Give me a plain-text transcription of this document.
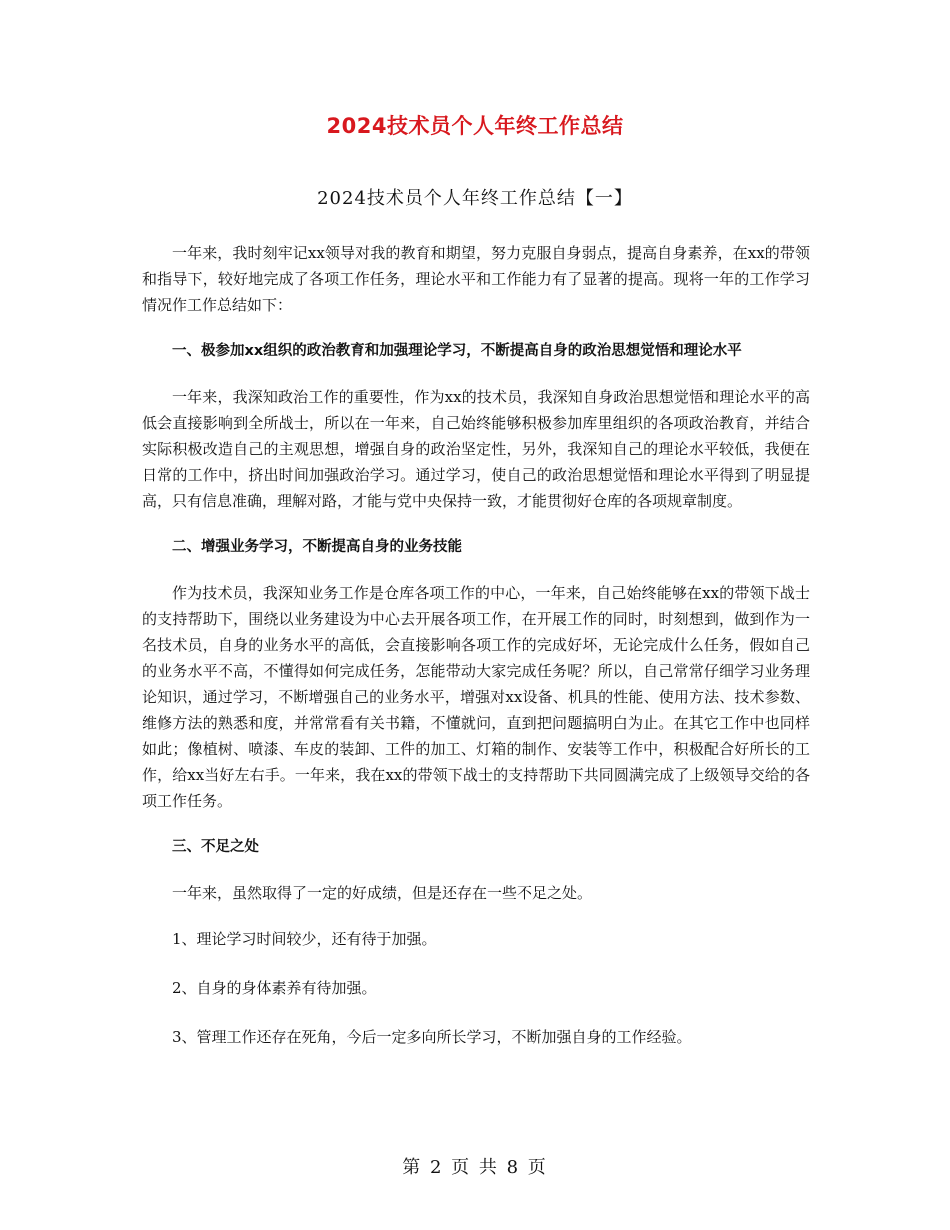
2024技术员个人年终工作总结
2024技术员个人年终工作总结【一】

一年来，我时刻牢记xx领导对我的教育和期望，努力克服自身弱点，提高自身素养，在xx的带领和指导下，较好地完成了各项工作任务，理论水平和工作能力有了显著的提高。现将一年的工作学习情况作工作总结如下：

一、极参加xx组织的政治教育和加强理论学习，不断提高自身的政治思想觉悟和理论水平

一年来，我深知政治工作的重要性，作为xx的技术员，我深知自身政治思想觉悟和理论水平的高低会直接影响到全所战士，所以在一年来，自己始终能够积极参加库里组织的各项政治教育，并结合实际积极改造自己的主观思想，增强自身的政治坚定性，另外，我深知自己的理论水平较低，我便在日常的工作中，挤出时间加强政治学习。通过学习，使自己的政治思想觉悟和理论水平得到了明显提高，只有信息准确，理解对路，才能与党中央保持一致，才能贯彻好仓库的各项规章制度。

二、增强业务学习，不断提高自身的业务技能

作为技术员，我深知业务工作是仓库各项工作的中心，一年来，自己始终能够在xx的带领下战士的支持帮助下，围绕以业务建设为中心去开展各项工作，在开展工作的同时，时刻想到，做到作为一名技术员，自身的业务水平的高低，会直接影响各项工作的完成好坏，无论完成什么任务，假如自己的业务水平不高，不懂得如何完成任务，怎能带动大家完成任务呢？所以，自己常常仔细学习业务理论知识，通过学习，不断增强自己的业务水平，增强对xx设备、机具的性能、使用方法、技术参数、维修方法的熟悉和度，并常常看有关书籍，不懂就问，直到把问题搞明白为止。在其它工作中也同样如此；像植树、喷漆、车皮的装卸、工件的加工、灯箱的制作、安装等工作中，积极配合好所长的工作，给xx当好左右手。一年来，我在xx的带领下战士的支持帮助下共同圆满完成了上级领导交给的各项工作任务。

三、不足之处

一年来，虽然取得了一定的好成绩，但是还存在一些不足之处。

1、理论学习时间较少，还有待于加强。

2、自身的身体素养有待加强。

3、管理工作还存在死角，今后一定多向所长学习，不断加强自身的工作经验。

第 2 页 共 8 页
